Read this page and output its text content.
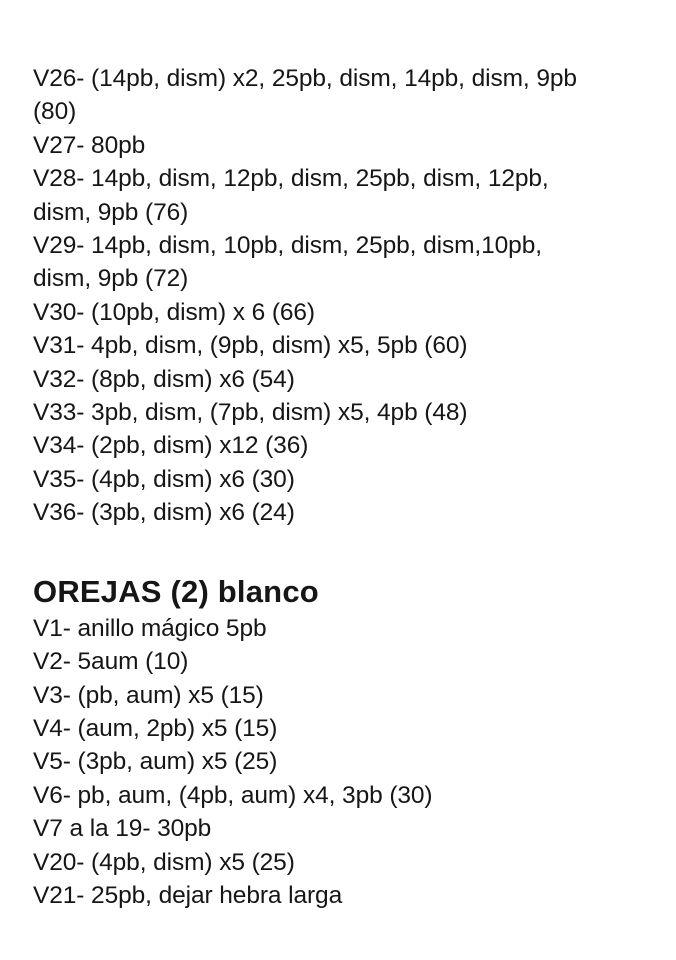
V26- (14pb, dism) x2, 25pb, dism, 14pb, dism, 9pb
(80)
V27- 80pb
V28- 14pb, dism, 12pb, dism, 25pb, dism, 12pb,
dism, 9pb (76)
V29- 14pb, dism, 10pb, dism, 25pb, dism,10pb,
dism, 9pb (72)
V30- (10pb, dism) x 6 (66)
V31- 4pb, dism, (9pb, dism) x5, 5pb (60)
V32- (8pb, dism) x6 (54)
V33- 3pb, dism, (7pb, dism) x5, 4pb (48)
V34- (2pb, dism) x12 (36)
V35- (4pb, dism) x6 (30)
V36- (3pb, dism) x6 (24)
OREJAS (2) blanco
V1- anillo mágico 5pb
V2- 5aum (10)
V3- (pb, aum) x5 (15)
V4- (aum, 2pb) x5 (15)
V5- (3pb, aum) x5 (25)
V6- pb, aum, (4pb, aum) x4, 3pb (30)
V7 a la 19- 30pb
V20- (4pb, dism) x5 (25)
V21- 25pb, dejar hebra larga
